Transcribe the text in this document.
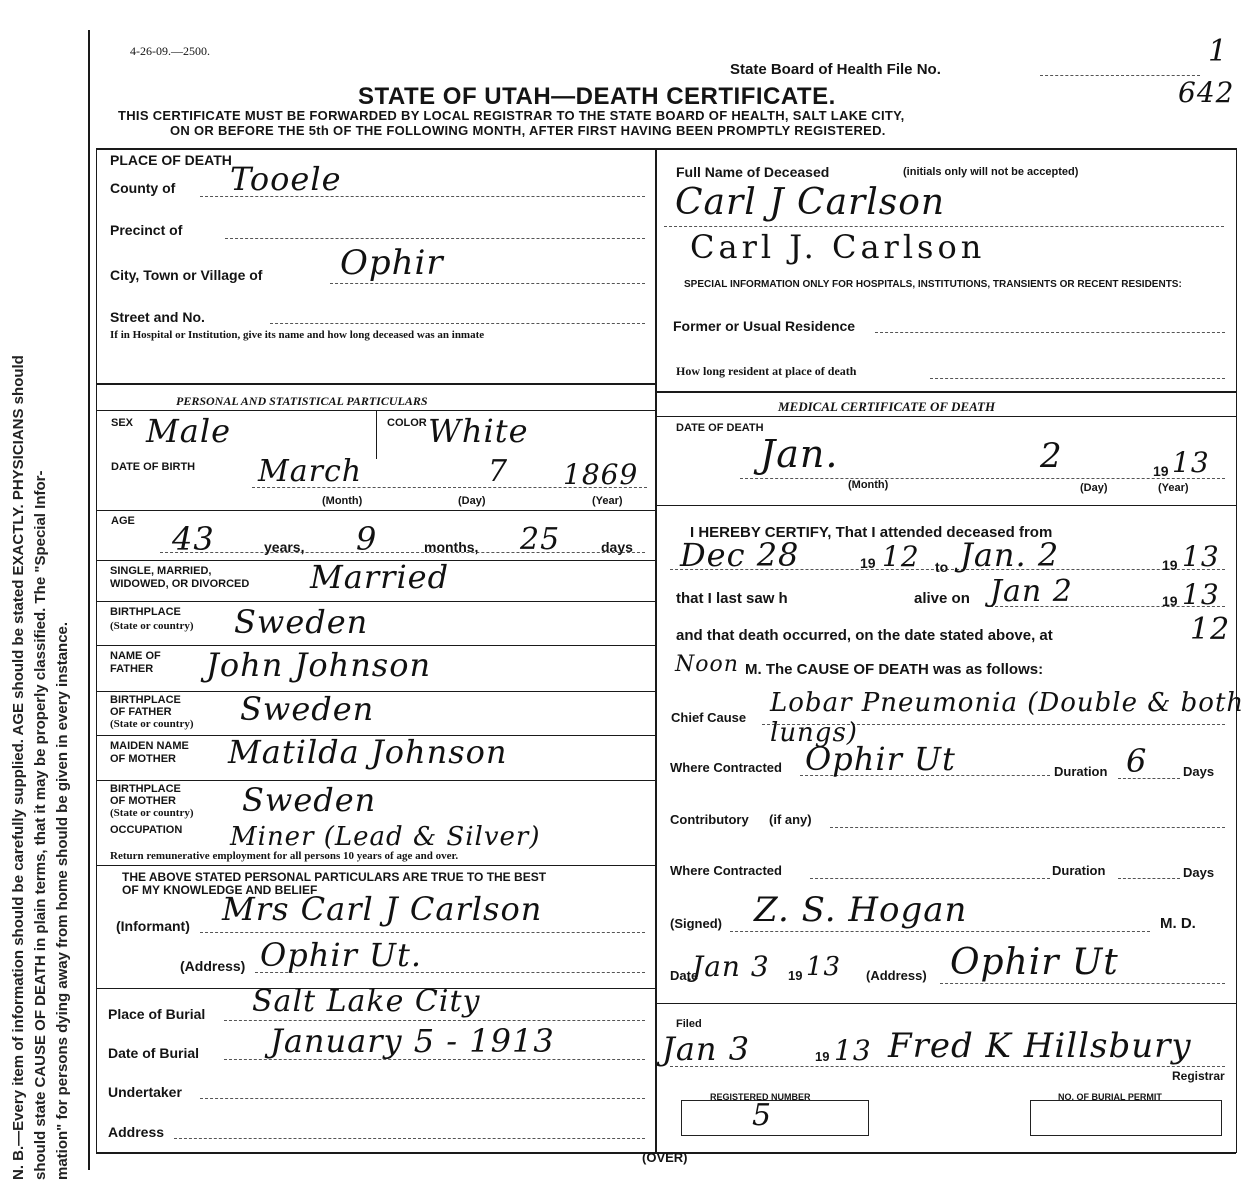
N. B.—Every item of information should be carefully supplied. AGE should be stated EXACTLY. PHYSICIANS should should state CAUSE OF DEATH in plain terms, that it may be properly classified. The "Special Infor- mation" for persons dying away from home should be given in every instance.
4-26-09.—2500.
State Board of Health File No.
1
642
STATE OF UTAH—DEATH CERTIFICATE.
THIS CERTIFICATE MUST BE FORWARDED BY LOCAL REGISTRAR TO THE STATE BOARD OF HEALTH, SALT LAKE CITY,
ON OR BEFORE THE 5th OF THE FOLLOWING MONTH, AFTER FIRST HAVING BEEN PROMPTLY REGISTERED.
PLACE OF DEATH
County of Tooele
Precinct of
City, Town or Village of Ophir
Street and No.
If in Hospital or Institution, give its name and how long deceased was an inmate
Full Name of Deceased	(initials only will not be accepted)
Carl J Carlson
Carl J. Carlson
SPECIAL INFORMATION ONLY FOR HOSPITALS, INSTITUTIONS, TRANSIENTS OR RECENT RESIDENTS:
Former or Usual Residence
How long resident at place of death
PERSONAL AND STATISTICAL PARTICULARS
SEX	COLOR
Male	White
DATE OF BIRTH March	7 1869
(Month)	(Day)	(Year)
AGE 43	years, 9	months, 25	days
SINGLE, MARRIED,
WIDOWED, OR DIVORCED Married
BIRTHPLACE
(State or country) Sweden
NAME OF
FATHER John Johnson
BIRTHPLACE
OF FATHER
(State or country) Sweden
MAIDEN NAME
OF MOTHER Matilda Johnson
BIRTHPLACE
OF MOTHER
(State or country) Sweden
OCCUPATION Miner (Lead & Silver)
Return remunerative employment for all persons 10 years of age and over.
THE ABOVE STATED PERSONAL PARTICULARS ARE TRUE TO THE BEST
OF MY KNOWLEDGE AND BELIEF
(Informant) Mrs Carl J Carlson
(Address) Ophir Ut.
Place of Burial Salt Lake City
Date of Burial January 5 - 1913
Undertaker
Address
MEDICAL CERTIFICATE OF DEATH
DATE OF DEATH
Jan.	2	19 13
(Month)	(Day)	(Year)
I HEREBY CERTIFY, That I attended deceased from
Dec 28	19 12 to Jan. 2	19 13
that I last saw h	alive on Jan 2	19 13
and that death occurred, on the date stated above, at	12
Noon M. The CAUSE OF DEATH was as follows:
Chief Cause Lobar Pneumonia (Double & both lungs)
Where Contracted Ophir Ut	Duration 6	Days
Contributory (if any)
Where Contracted	Duration	Days
(Signed) Z. S. Hogan	M. D.
Date
Jan 3 19 13 (Address) Ophir Ut
Filed
Jan 3	19 13 Fred K Hillsbury
Registrar
REGISTERED NUMBER
5
NO. OF BURIAL PERMIT
(OVER)
